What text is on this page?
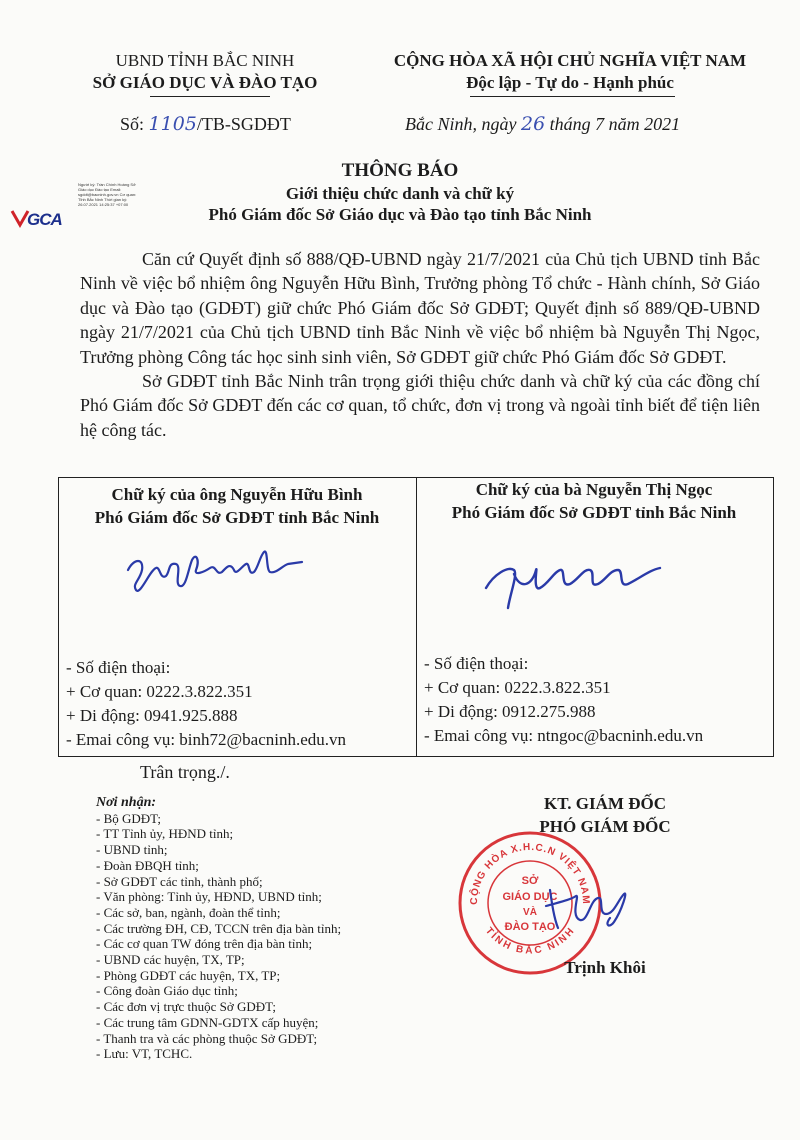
UBND TỈNH BẮC NINH
SỞ GIÁO DỤC VÀ ĐÀO TẠO
CỘNG HÒA XÃ HỘI CHỦ NGHĨA VIỆT NAM
Độc lập - Tự do - Hạnh phúc
Số: 1105/TB-SGDĐT	Bắc Ninh, ngày 26 tháng 7 năm 2021
THÔNG BÁO
Giới thiệu chức danh và chữ ký
Phó Giám đốc Sở Giáo dục và Đào tạo tỉnh Bắc Ninh
GCA
Người ký: Trần Chính Hoàng Sở Giáo dục Đào tạo Email: sgddt@bacninh.gov.vn Cơ quan: Tỉnh Bắc Ninh Thời gian ký: 26.07.2021 14:25:37 +07:00

Căn cứ Quyết định số 888/QĐ-UBND ngày 21/7/2021 của Chủ tịch UBND tỉnh Bắc Ninh về việc bổ nhiệm ông Nguyễn Hữu Bình, Trưởng phòng Tổ chức - Hành chính, Sở Giáo dục và Đào tạo (GDĐT) giữ chức Phó Giám đốc Sở GDĐT; Quyết định số 889/QĐ-UBND ngày 21/7/2021 của Chủ tịch UBND tỉnh Bắc Ninh về việc bổ nhiệm bà Nguyễn Thị Ngọc, Trưởng phòng Công tác học sinh sinh viên, Sở GDĐT giữ chức Phó Giám đốc Sở GDĐT.

Sở GDĐT tỉnh Bắc Ninh trân trọng giới thiệu chức danh và chữ ký của các đồng chí Phó Giám đốc Sở GDĐT đến các cơ quan, tổ chức, đơn vị trong và ngoài tỉnh biết để tiện liên hệ công tác.

Chữ ký của ông Nguyễn Hữu Bình
Phó Giám đốc Sở GDĐT tỉnh Bắc Ninh
- Số điện thoại:
+ Cơ quan: 0222.3.822.351
+ Di động: 0941.925.888
- Emai công vụ: binh72@bacninh.edu.vn
Chữ ký của bà Nguyễn Thị Ngọc
Phó Giám đốc Sở GDĐT tỉnh Bắc Ninh
- Số điện thoại:
+ Cơ quan: 0222.3.822.351
+ Di động: 0912.275.988
- Emai công vụ: ntngoc@bacninh.edu.vn
Trân trọng./.
Nơi nhận:
- Bộ GDĐT;
- TT Tỉnh ủy, HĐND tỉnh;
- UBND tỉnh;
- Đoàn ĐBQH tỉnh;
- Sở GDĐT các tỉnh, thành phố;
- Văn phòng: Tỉnh ủy, HĐND, UBND tỉnh;
- Các sở, ban, ngành, đoàn thể tỉnh;
- Các trường ĐH, CĐ, TCCN trên địa bàn tỉnh;
- Các cơ quan TW đóng trên địa bàn tỉnh;
- UBND các huyện, TX, TP;
- Phòng GDĐT các huyện, TX, TP;
- Công đoàn Giáo dục tỉnh;
- Các đơn vị trực thuộc Sở GDĐT;
- Các trung tâm GDNN-GDTX cấp huyện;
- Thanh tra và các phòng thuộc Sở GDĐT;
- Lưu: VT, TCHC.
KT. GIÁM ĐỐC
PHÓ GIÁM ĐỐC
CỘNG HÒA X.H.C.N VIỆT NAM
TỈNH BẮC NINH
SỞ
GIÁO DỤC
VÀ
ĐÀO TẠO
Trịnh Khôi
